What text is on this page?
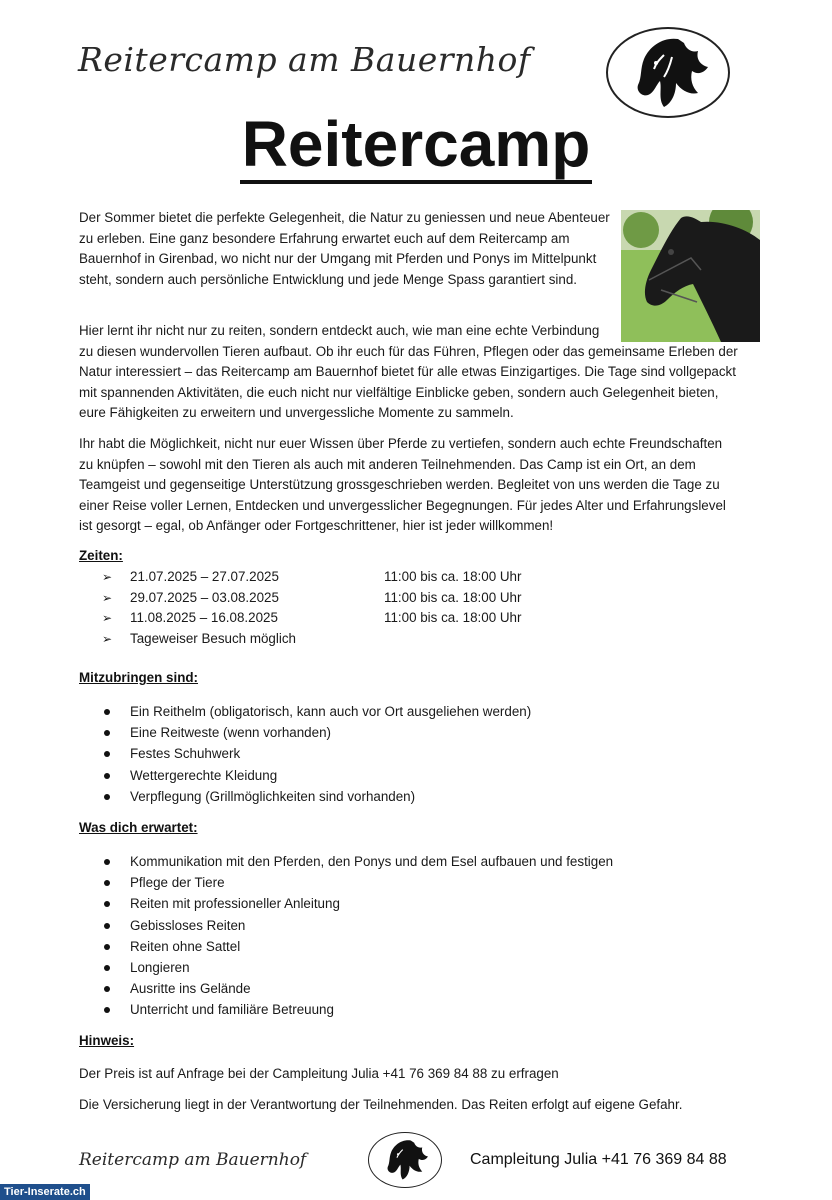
Reitercamp am Bauernhof
Reitercamp

Der Sommer bietet die perfekte Gelegenheit, die Natur zu geniessen und neue Abenteuer zu erleben. Eine ganz besondere Erfahrung erwartet euch auf dem Reitercamp am Bauernhof in Girenbad, wo nicht nur der Umgang mit Pferden und Ponys im Mittelpunkt steht, sondern auch persönliche Entwicklung und jede Menge Spass garantiert sind.

Hier lernt ihr nicht nur zu reiten, sondern entdeckt auch, wie man eine echte Verbindung
zu diesen wundervollen Tieren aufbaut. Ob ihr euch für das Führen, Pflegen oder das gemeinsame Erleben der Natur interessiert – das Reitercamp am Bauernhof bietet für alle etwas Einzigartiges. Die Tage sind vollgepackt mit spannenden Aktivitäten, die euch nicht nur vielfältige Einblicke geben, sondern auch Gelegenheit bieten, eure Fähigkeiten zu erweitern und unvergessliche Momente zu sammeln.

Ihr habt die Möglichkeit, nicht nur euer Wissen über Pferde zu vertiefen, sondern auch echte Freundschaften zu knüpfen – sowohl mit den Tieren als auch mit anderen Teilnehmenden. Das Camp ist ein Ort, an dem Teamgeist und gegenseitige Unterstützung grossgeschrieben werden. Begleitet von uns werden die Tage zu einer Reise voller Lernen, Entdecken und unvergesslicher Begegnungen. Für jedes Alter und Erfahrungslevel ist gesorgt – egal, ob Anfänger oder Fortgeschrittener, hier ist jeder willkommen!

Zeiten:
➢ 21.07.2025 – 27.07.2025	11:00 bis ca. 18:00 Uhr
➢ 29.07.2025 – 03.08.2025	11:00 bis ca. 18:00 Uhr
➢ 11.08.2025 – 16.08.2025	11:00 bis ca. 18:00 Uhr
➢ Tageweiser Besuch möglich
Mitzubringen sind:
Ein Reithelm (obligatorisch, kann auch vor Ort ausgeliehen werden)
Eine Reitweste (wenn vorhanden)
Festes Schuhwerk
Wettergerechte Kleidung
Verpflegung (Grillmöglichkeiten sind vorhanden)
Was dich erwartet:
Kommunikation mit den Pferden, den Ponys und dem Esel aufbauen und festigen
Pflege der Tiere
Reiten mit professioneller Anleitung
Gebissloses Reiten
Reiten ohne Sattel
Longieren
Ausritte ins Gelände
Unterricht und familiäre Betreuung
Hinweis:
Der Preis ist auf Anfrage bei der Campleitung Julia +41 76 369 84 88 zu erfragen
Die Versicherung liegt in der Verantwortung der Teilnehmenden. Das Reiten erfolgt auf eigene Gefahr.
Reitercamp am Bauernhof	Campleitung Julia +41 76 369 84 88
Tier-Inserate.ch
